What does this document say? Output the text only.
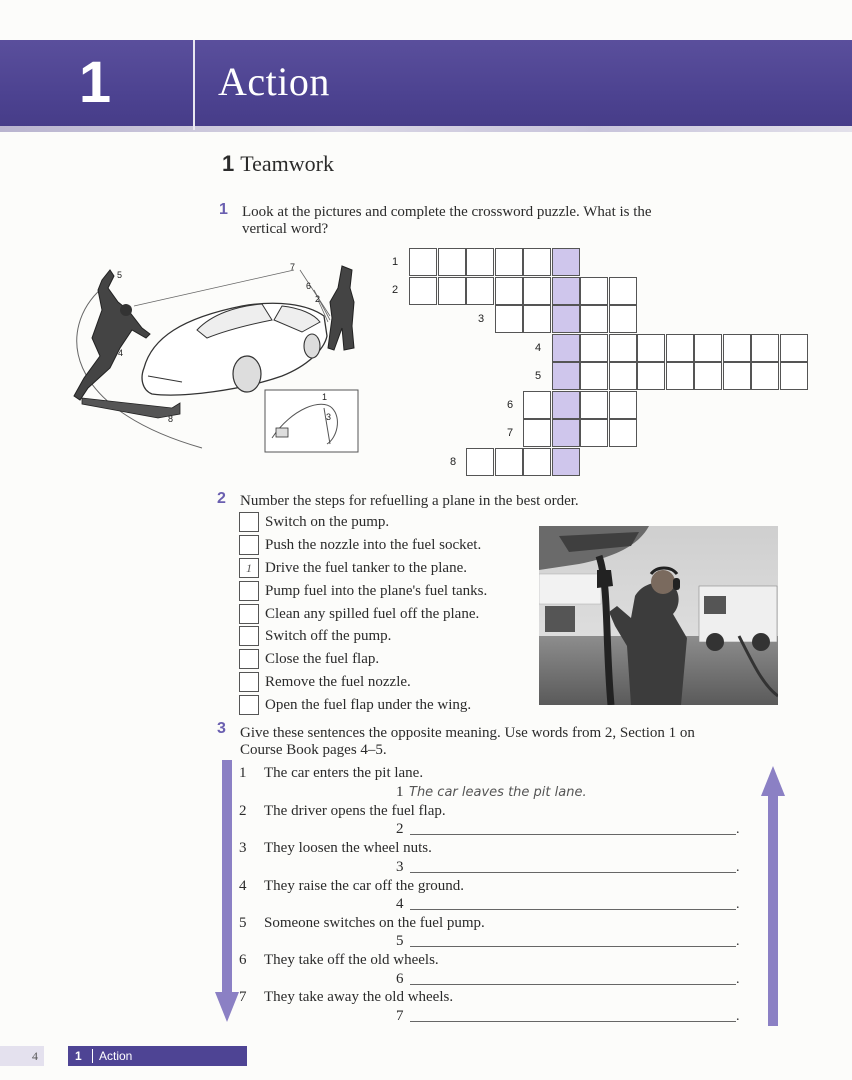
1	Action
1 Teamwork
1 Look at the pictures and complete the crossword puzzle. What is the
vertical word?
5
7
6
2
4
8
1
3
1
2
3
4
5
6
7
8
2 Number the steps for refuelling a plane in the best order.
Switch on the pump.
Push the nozzle into the fuel socket.
1 Drive the fuel tanker to the plane.
Pump fuel into the plane's fuel tanks.
Clean any spilled fuel off the plane.
Switch off the pump.
Close the fuel flap.
Remove the fuel nozzle.
Open the fuel flap under the wing.
3 Give these sentences the opposite meaning. Use words from 2, Section 1 on
Course Book pages 4–5.
1 The car enters the pit lane.
1 The car leaves the pit lane.
2 The driver opens the fuel flap.
2	.
3 They loosen the wheel nuts.
3	.
4 They raise the car off the ground.
4	.
5 Someone switches on the fuel pump.
5	.
6 They take off the old wheels.
6	.
7 They take away the old wheels.
7	.
4	1 Action
